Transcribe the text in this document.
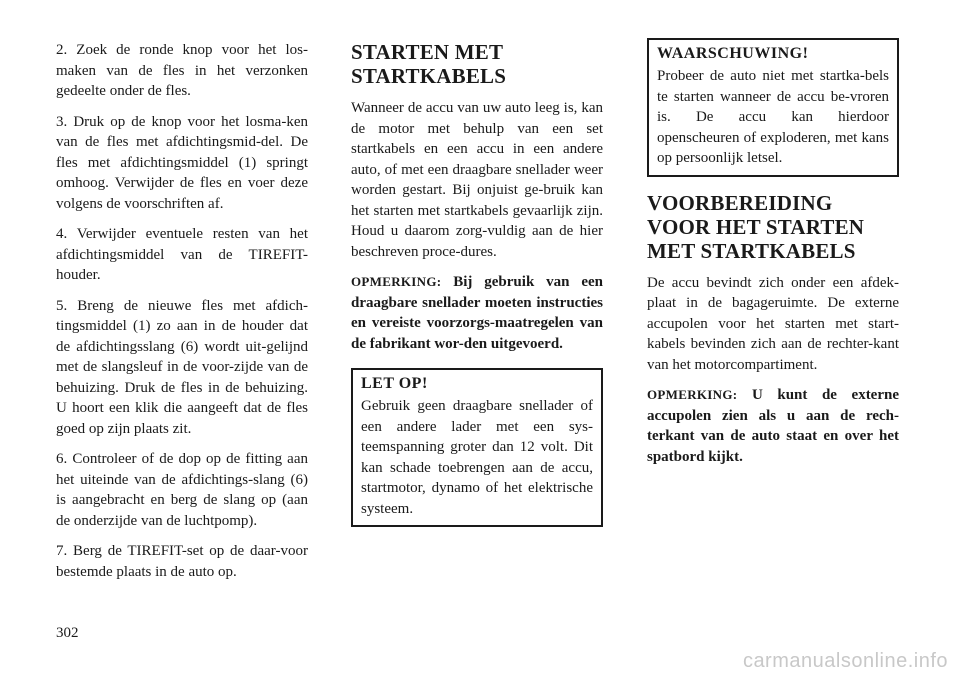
2. Zoek de ronde knop voor het los-maken van de fles in het verzonken gedeelte onder de fles.

3. Druk op de knop voor het losma-ken van de fles met afdichtingsmid-del. De fles met afdichtingsmiddel (1) springt omhoog. Verwijder de fles en voer deze volgens de voorschriften af.

4. Verwijder eventuele resten van het afdichtingsmiddel van de TIREFIT-houder.

5. Breng de nieuwe fles met afdich-tingsmiddel (1) zo aan in de houder dat de afdichtingsslang (6) wordt uit-gelijnd met de slangsleuf in de voor-zijde van de behuizing. Druk de fles in de behuizing. U hoort een klik die aangeeft dat de fles goed op zijn plaats zit.

6. Controleer of de dop op de fitting aan het uiteinde van de afdichtings-slang (6) is aangebracht en berg de slang op (aan de onderzijde van de luchtpomp).

7. Berg de TIREFIT-set op de daar-voor bestemde plaats in de auto op.

STARTEN MET STARTKABELS

Wanneer de accu van uw auto leeg is, kan de motor met behulp van een set startkabels en een accu in een andere auto, of met een draagbare snellader weer worden gestart. Bij onjuist ge-bruik kan het starten met startkabels gevaarlijk zijn. Houd u daarom zorg-vuldig aan de hier beschreven proce-dures.

OPMERKING: Bij gebruik van een draagbare snellader moeten instructies en vereiste voorzorgs-maatregelen van de fabrikant wor-den uitgevoerd.

LET OP!

Gebruik geen draagbare snellader of een andere lader met een sys-teemspanning groter dan 12 volt. Dit kan schade toebrengen aan de accu, startmotor, dynamo of het elektrische systeem.

WAARSCHUWING!

Probeer de auto niet met startka-bels te starten wanneer de accu be-vroren is. De accu kan hierdoor openscheuren of exploderen, met kans op persoonlijk letsel.

VOORBEREIDING VOOR HET STARTEN MET STARTKABELS

De accu bevindt zich onder een afdek-plaat in de bagageruimte. De externe accupolen voor het starten met start-kabels bevinden zich aan de rechter-kant van het motorcompartiment.

OPMERKING: U kunt de externe accupolen zien als u aan de rech-terkant van de auto staat en over het spatbord kijkt.

302
carmanualsonline.info
